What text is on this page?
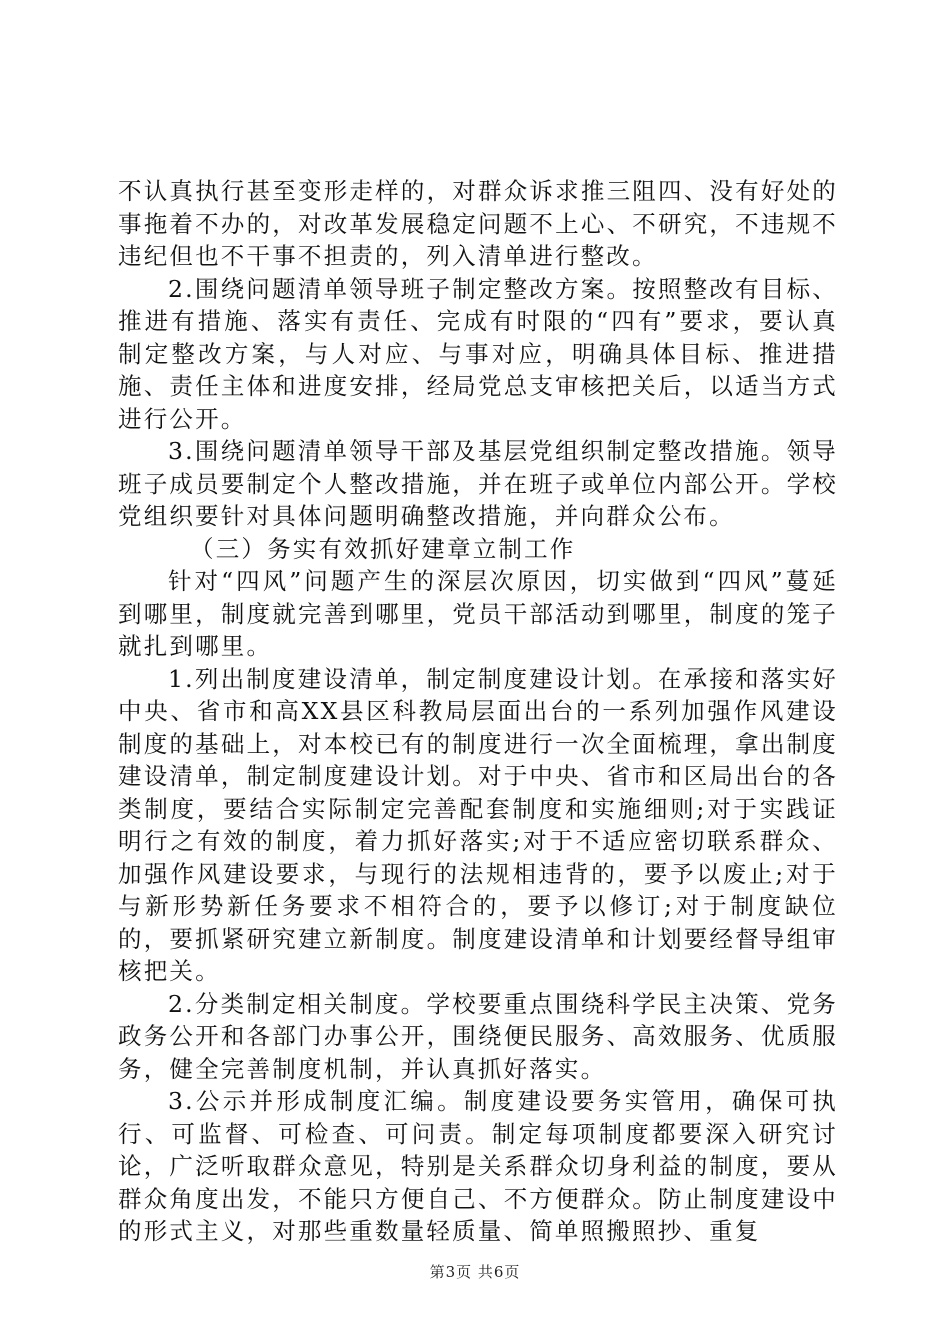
不认真执行甚至变形走样的，对群众诉求推三阻四、没有好处的事拖着不办的，对改革发展稳定问题不上心、不研究，不违规不违纪但也不干事不担责的，列入清单进行整改。

2.围绕问题清单领导班子制定整改方案。按照整改有目标、推进有措施、落实有责任、完成有时限的“四有”要求，要认真制定整改方案，与人对应、与事对应，明确具体目标、推进措施、责任主体和进度安排，经局党总支审核把关后，以适当方式进行公开。

3.围绕问题清单领导干部及基层党组织制定整改措施。领导班子成员要制定个人整改措施，并在班子或单位内部公开。学校党组织要针对具体问题明确整改措施，并向群众公布。

（三）务实有效抓好建章立制工作

针对“四风”问题产生的深层次原因，切实做到“四风”蔓延到哪里，制度就完善到哪里，党员干部活动到哪里，制度的笼子就扎到哪里。

1.列出制度建设清单，制定制度建设计划。在承接和落实好中央、省市和高XX县区科教局层面出台的一系列加强作风建设制度的基础上，对本校已有的制度进行一次全面梳理，拿出制度建设清单，制定制度建设计划。对于中央、省市和区局出台的各类制度，要结合实际制定完善配套制度和实施细则;对于实践证明行之有效的制度，着力抓好落实;对于不适应密切联系群众、加强作风建设要求，与现行的法规相违背的，要予以废止;对于与新形势新任务要求不相符合的，要予以修订;对于制度缺位的，要抓紧研究建立新制度。制度建设清单和计划要经督导组审核把关。

2.分类制定相关制度。学校要重点围绕科学民主决策、党务政务公开和各部门办事公开，围绕便民服务、高效服务、优质服务，健全完善制度机制，并认真抓好落实。

3.公示并形成制度汇编。制度建设要务实管用，确保可执行、可监督、可检查、可问责。制定每项制度都要深入研究讨论，广泛听取群众意见，特别是关系群众切身利益的制度，要从群众角度出发，不能只方便自己、不方便群众。防止制度建设中的形式主义，对那些重数量轻质量、简单照搬照抄、重复

第3页 共6页
